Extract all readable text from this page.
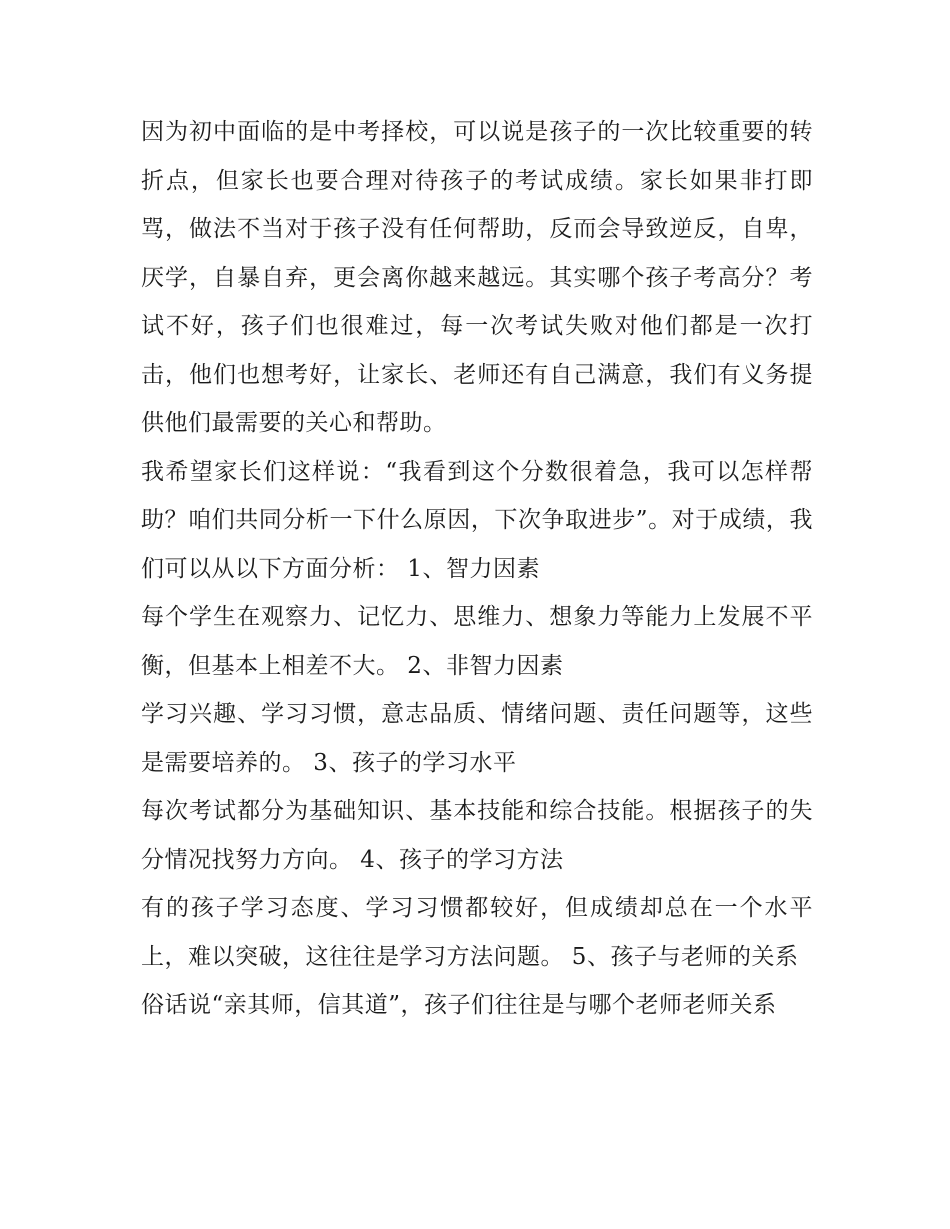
因为初中面临的是中考择校，可以说是孩子的一次比较重要的转折点，但家长也要合理对待孩子的考试成绩。家长如果非打即骂，做法不当对于孩子没有任何帮助，反而会导致逆反，自卑，厌学，自暴自弃，更会离你越来越远。其实哪个孩子考高分？考试不好，孩子们也很难过，每一次考试失败对他们都是一次打击，他们也想考好，让家长、老师还有自己满意，我们有义务提供他们最需要的关心和帮助。

我希望家长们这样说：“我看到这个分数很着急，我可以怎样帮助？咱们共同分析一下什么原因，下次争取进步”。对于成绩，我们可以从以下方面分析： 1、智力因素

每个学生在观察力、记忆力、思维力、想象力等能力上发展不平衡，但基本上相差不大。 2、非智力因素

学习兴趣、学习习惯，意志品质、情绪问题、责任问题等，这些是需要培养的。 3、孩子的学习水平

每次考试都分为基础知识、基本技能和综合技能。根据孩子的失分情况找努力方向。 4、孩子的学习方法

有的孩子学习态度、学习习惯都较好，但成绩却总在一个水平上，难以突破，这往往是学习方法问题。 5、孩子与老师的关系

俗话说“亲其师，信其道”，孩子们往往是与哪个老师老师关系
